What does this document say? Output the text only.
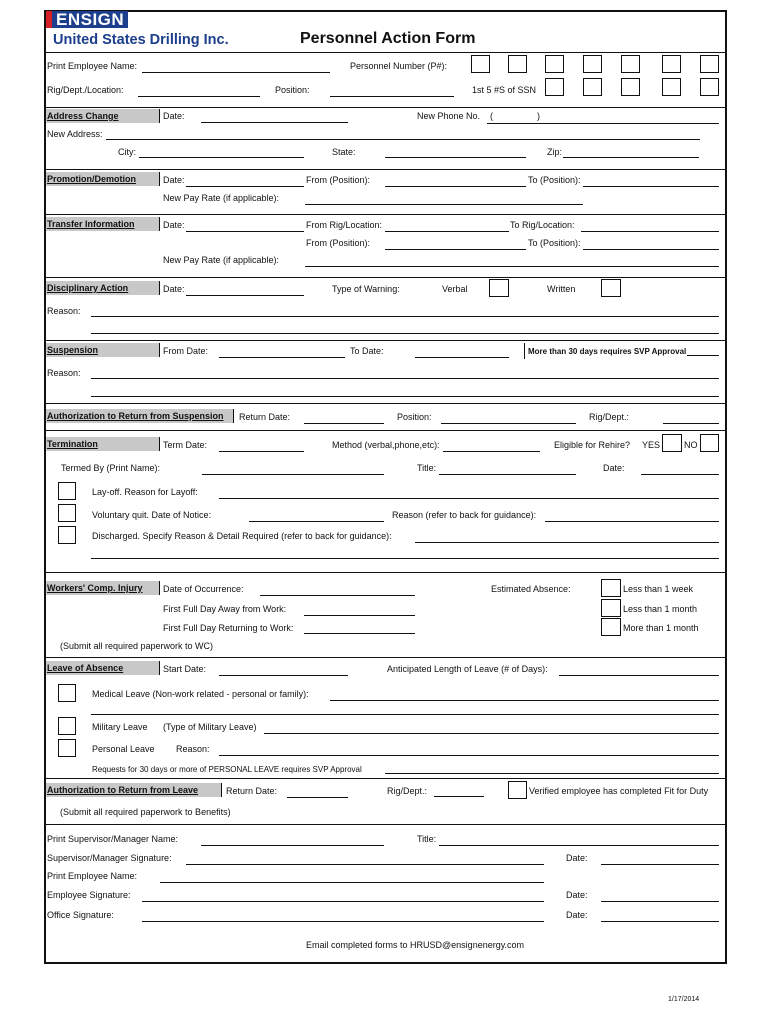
ENSIGN
United States Drilling Inc.	Personnel Action Form
Print Employee Name:	Personnel Number (P#):
Rig/Dept./Location:	Position:	1st 5 #S of SSN
Address Change	Date:	New Phone No. (	)
New Address:
City:	State:	Zip:
Promotion/Demotion	Date:	From (Position):	To (Position):
New Pay Rate (if applicable):
Transfer Information	Date:	From Rig/Location:	To Rig/Location:
From (Position):	To (Position):
New Pay Rate (if applicable):
Disciplinary Action	Date:	Type of Warning:	Verbal	Written
Reason:
Suspension	From Date:	To Date:	More than 30 days requires SVP Approval
Reason:
Authorization to Return from Suspension	Return Date:	Position:	Rig/Dept.:
Termination	Term Date:	Method (verbal,phone,etc):	Eligible for Rehire? YES	NO
Termed By (Print Name):	Title:	Date:
Lay-off. Reason for Layoff:
Voluntary quit. Date of Notice:	Reason (refer to back for guidance):
Discharged. Specify Reason & Detail Required (refer to back for guidance):
Workers' Comp. Injury	Date of Occurrence:	Estimated Absence:	Less than 1 week
Less than 1 month
More than 1 month
First Full Day Away from Work:
First Full Day Returning to Work:
(Submit all required paperwork to WC)
Leave of Absence	Start Date:	Anticipated Length of Leave (# of Days):
Medical Leave (Non-work related - personal or family):
Military Leave (Type of Military Leave)
Personal Leave Reason:
Requests for 30 days or more of PERSONAL LEAVE requires SVP Approval
Authorization to Return from Leave	Return Date:	Rig/Dept.:	Verified employee has completed Fit for Duty
(Submit all required paperwork to Benefits)
Print Supervisor/Manager Name:	Title:
Supervisor/Manager Signature:	Date:
Print Employee Name:
Employee Signature:	Date:
Office Signature:	Date:
Email completed forms to HRUSD@ensignenergy.com
1/17/2014
